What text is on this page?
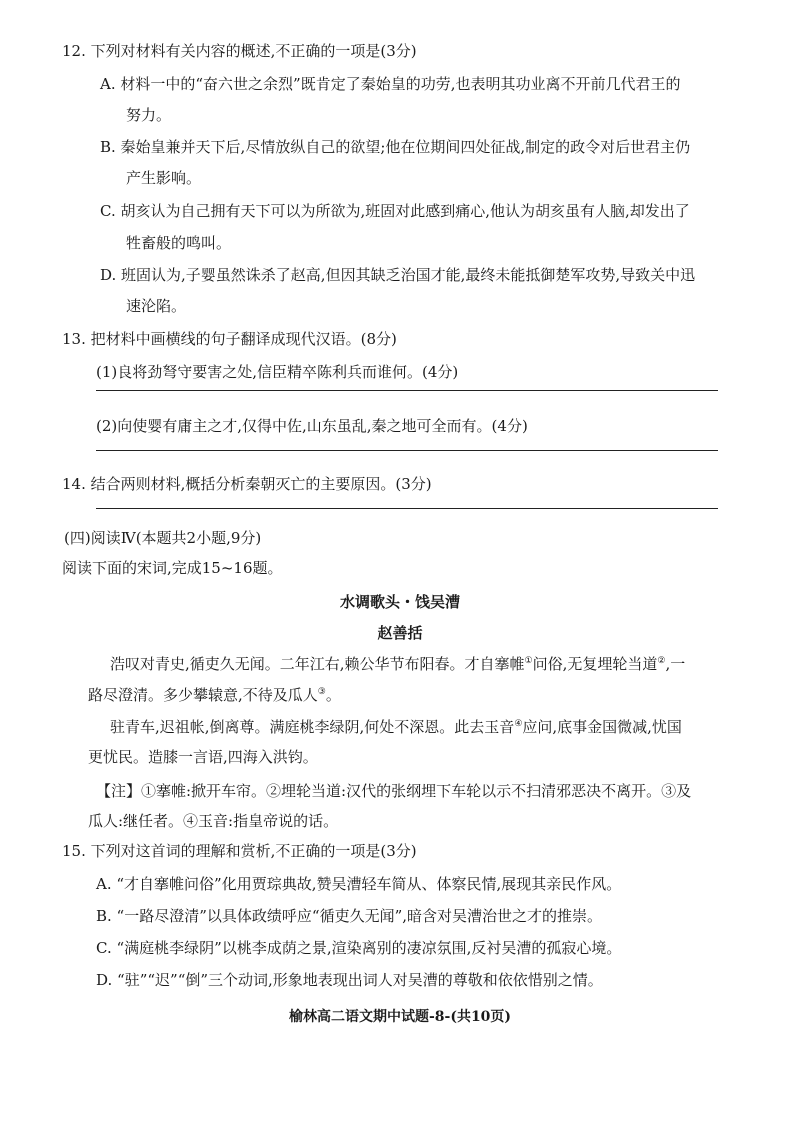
12. 下列对材料有关内容的概述,不正确的一项是(3分)
A. 材料一中的“奋六世之余烈”既肯定了秦始皇的功劳,也表明其功业离不开前几代君王的
努力。
B. 秦始皇兼并天下后,尽情放纵自己的欲望;他在位期间四处征战,制定的政令对后世君主仍
产生影响。
C. 胡亥认为自己拥有天下可以为所欲为,班固对此感到痛心,他认为胡亥虽有人脑,却发出了
牲畜般的鸣叫。
D. 班固认为,子婴虽然诛杀了赵高,但因其缺乏治国才能,最终未能抵御楚军攻势,导致关中迅
速沦陷。
13. 把材料中画横线的句子翻译成现代汉语。(8分)
(1)良将劲弩守要害之处,信臣精卒陈利兵而谁何。(4分)
(2)向使婴有庸主之才,仅得中佐,山东虽乱,秦之地可全而有。(4分)
14. 结合两则材料,概括分析秦朝灭亡的主要原因。(3分)
(四)阅读Ⅳ(本题共2小题,9分)
阅读下面的宋词,完成15~16题。
水调歌头・饯吴漕
赵善括
浩叹对青史,循吏久无闻。二年江右,赖公华节布阳春。才自搴帷①问俗,无复埋轮当道②,一
路尽澄清。多少攀辕意,不待及瓜人③。
驻青车,迟祖帐,倒离尊。满庭桃李绿阴,何处不深恩。此去玉音④应问,底事金国微减,忧国
更忧民。造膝一言语,四海入洪钧。
【注】①搴帷:掀开车帘。②埋轮当道:汉代的张纲埋下车轮以示不扫清邪恶决不离开。③及
瓜人:继任者。④玉音:指皇帝说的话。
15. 下列对这首词的理解和赏析,不正确的一项是(3分)
A. “才自搴帷问俗”化用贾琮典故,赞吴漕轻车简从、体察民情,展现其亲民作风。
B. “一路尽澄清”以具体政绩呼应“循吏久无闻”,暗含对吴漕治世之才的推崇。
C. “满庭桃李绿阴”以桃李成荫之景,渲染离别的凄凉氛围,反衬吴漕的孤寂心境。
D. “驻”“迟”“倒”三个动词,形象地表现出词人对吴漕的尊敬和依依惜别之情。
榆林高二语文期中试题-8-(共10页)
